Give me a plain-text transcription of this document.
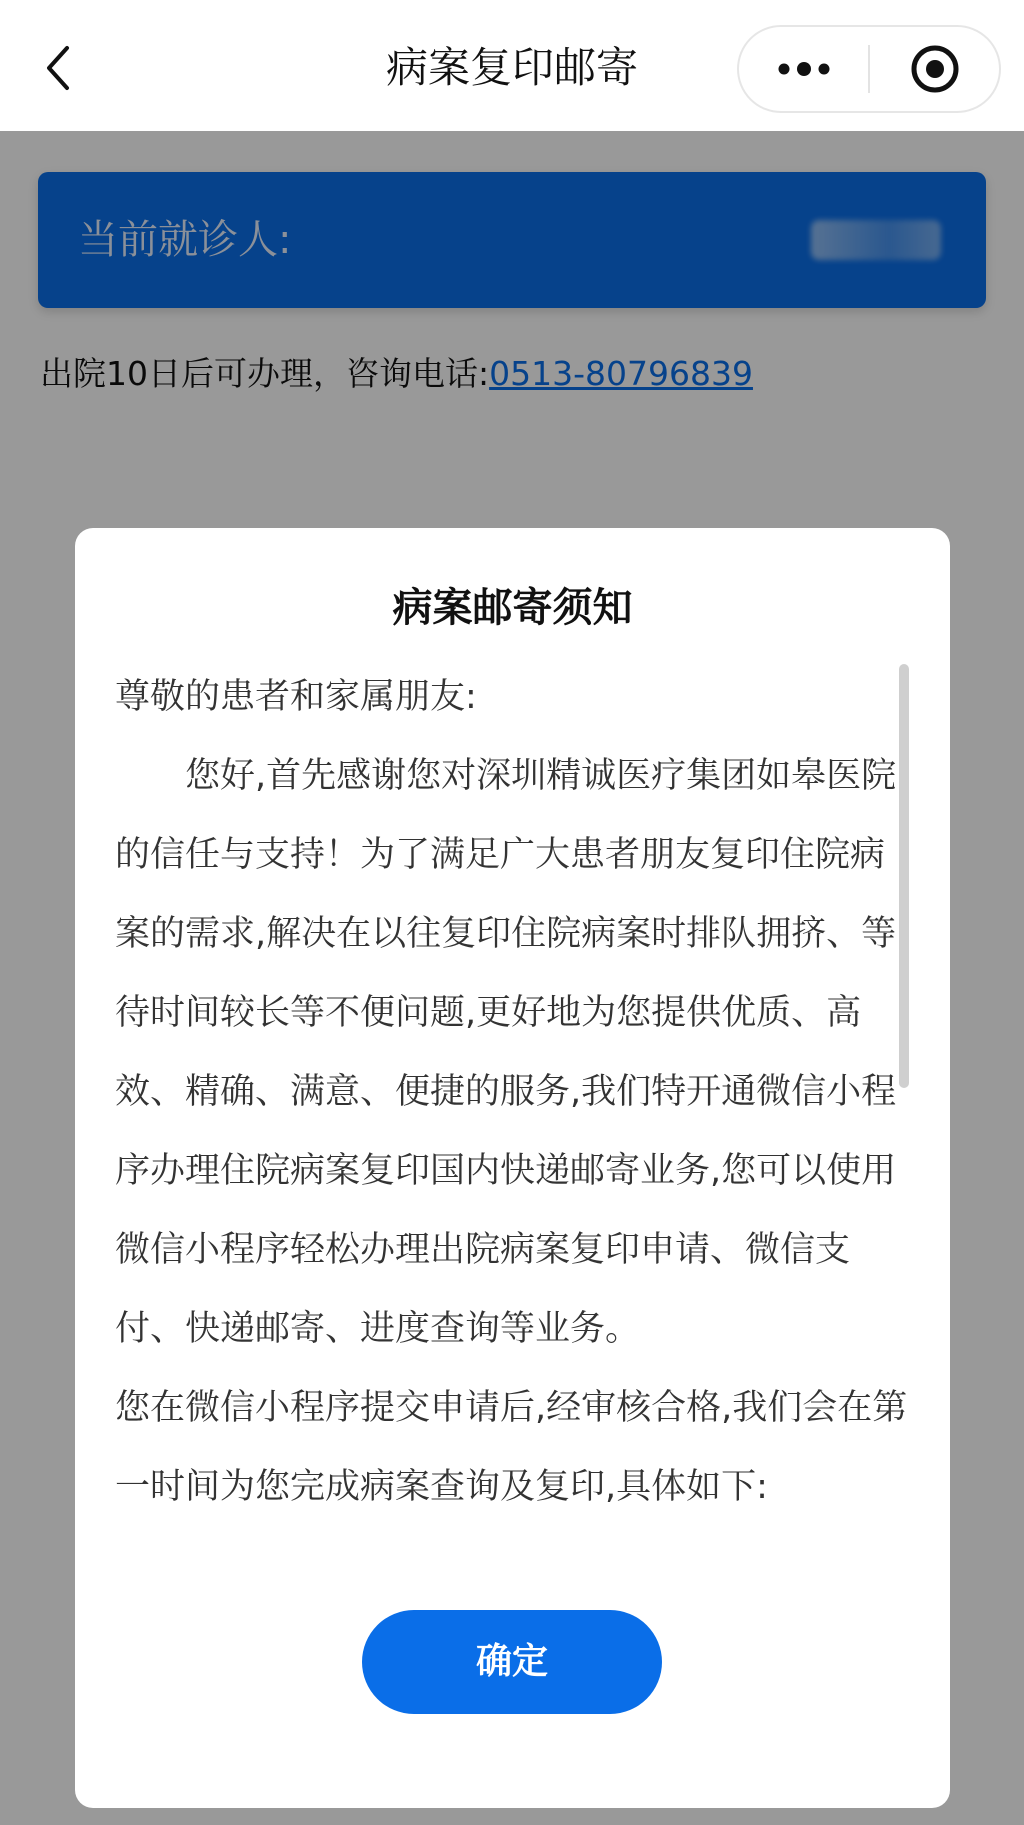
病案复印邮寄
当前就诊人:
出院10日后可办理，咨询电话:0513-80796839
病案邮寄须知

尊敬的患者和家属朋友:

　　您好,首先感谢您对深圳精诚医疗集团如皋医院的信任与支持！为了满足广大患者朋友复印住院病案的需求,解决在以往复印住院病案时排队拥挤、等待时间较长等不便问题,更好地为您提供优质、高效、精确、满意、便捷的服务,我们特开通微信小程序办理住院病案复印国内快递邮寄业务,您可以使用微信小程序轻松办理出院病案复印申请、微信支付、快递邮寄、进度查询等业务。

您在微信小程序提交申请后,经审核合格,我们会在第一时间为您完成病案查询及复印,具体如下:

确定
